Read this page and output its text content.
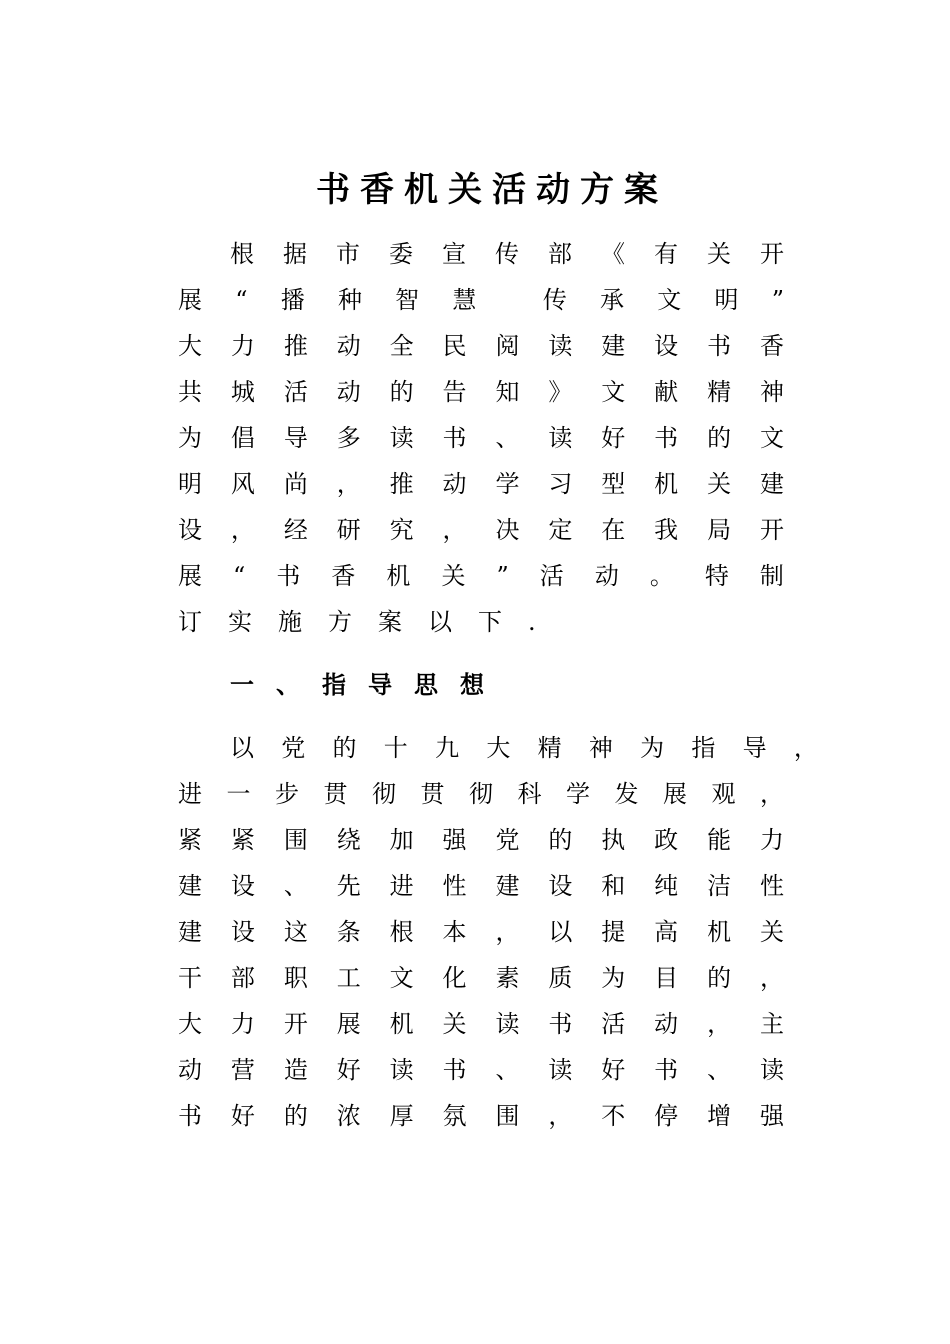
书香机关活动方案
根 据 市 委 宣 传 部 《 有 关 开
展 “ 播 种 智 慧	传 承 文 明 ”
大 力 推 动 全 民 阅 读 建 设 书 香
共 城 活 动 的 告 知 》 文 献 精 神
为 倡 导 多 读 书 、 读 好 书 的 文
明 风 尚 ， 推 动 学 习 型 机 关 建
设 ， 经 研 究 ， 决 定 在 我 局 开
展 “ 书 香 机 关 ” 活 动 。 特 制
订 实 施 方 案 以 下 .
一、指导思想
以 党 的 十 九 大 精 神 为 指 导 ，
进 一 步 贯 彻 贯 彻 科 学 发 展 观 ，
紧 紧 围 绕 加 强 党 的 执 政 能 力
建 设 、 先 进 性 建 设 和 纯 洁 性
建 设 这 条 根 本 ， 以 提 高 机 关
干 部 职 工 文 化 素 质 为 目 的 ，
大 力 开 展 机 关 读 书 活 动 ， 主
动 营 造 好 读 书 、 读 好 书 、 读
书 好 的 浓 厚 氛 围 ， 不 停 增 强
